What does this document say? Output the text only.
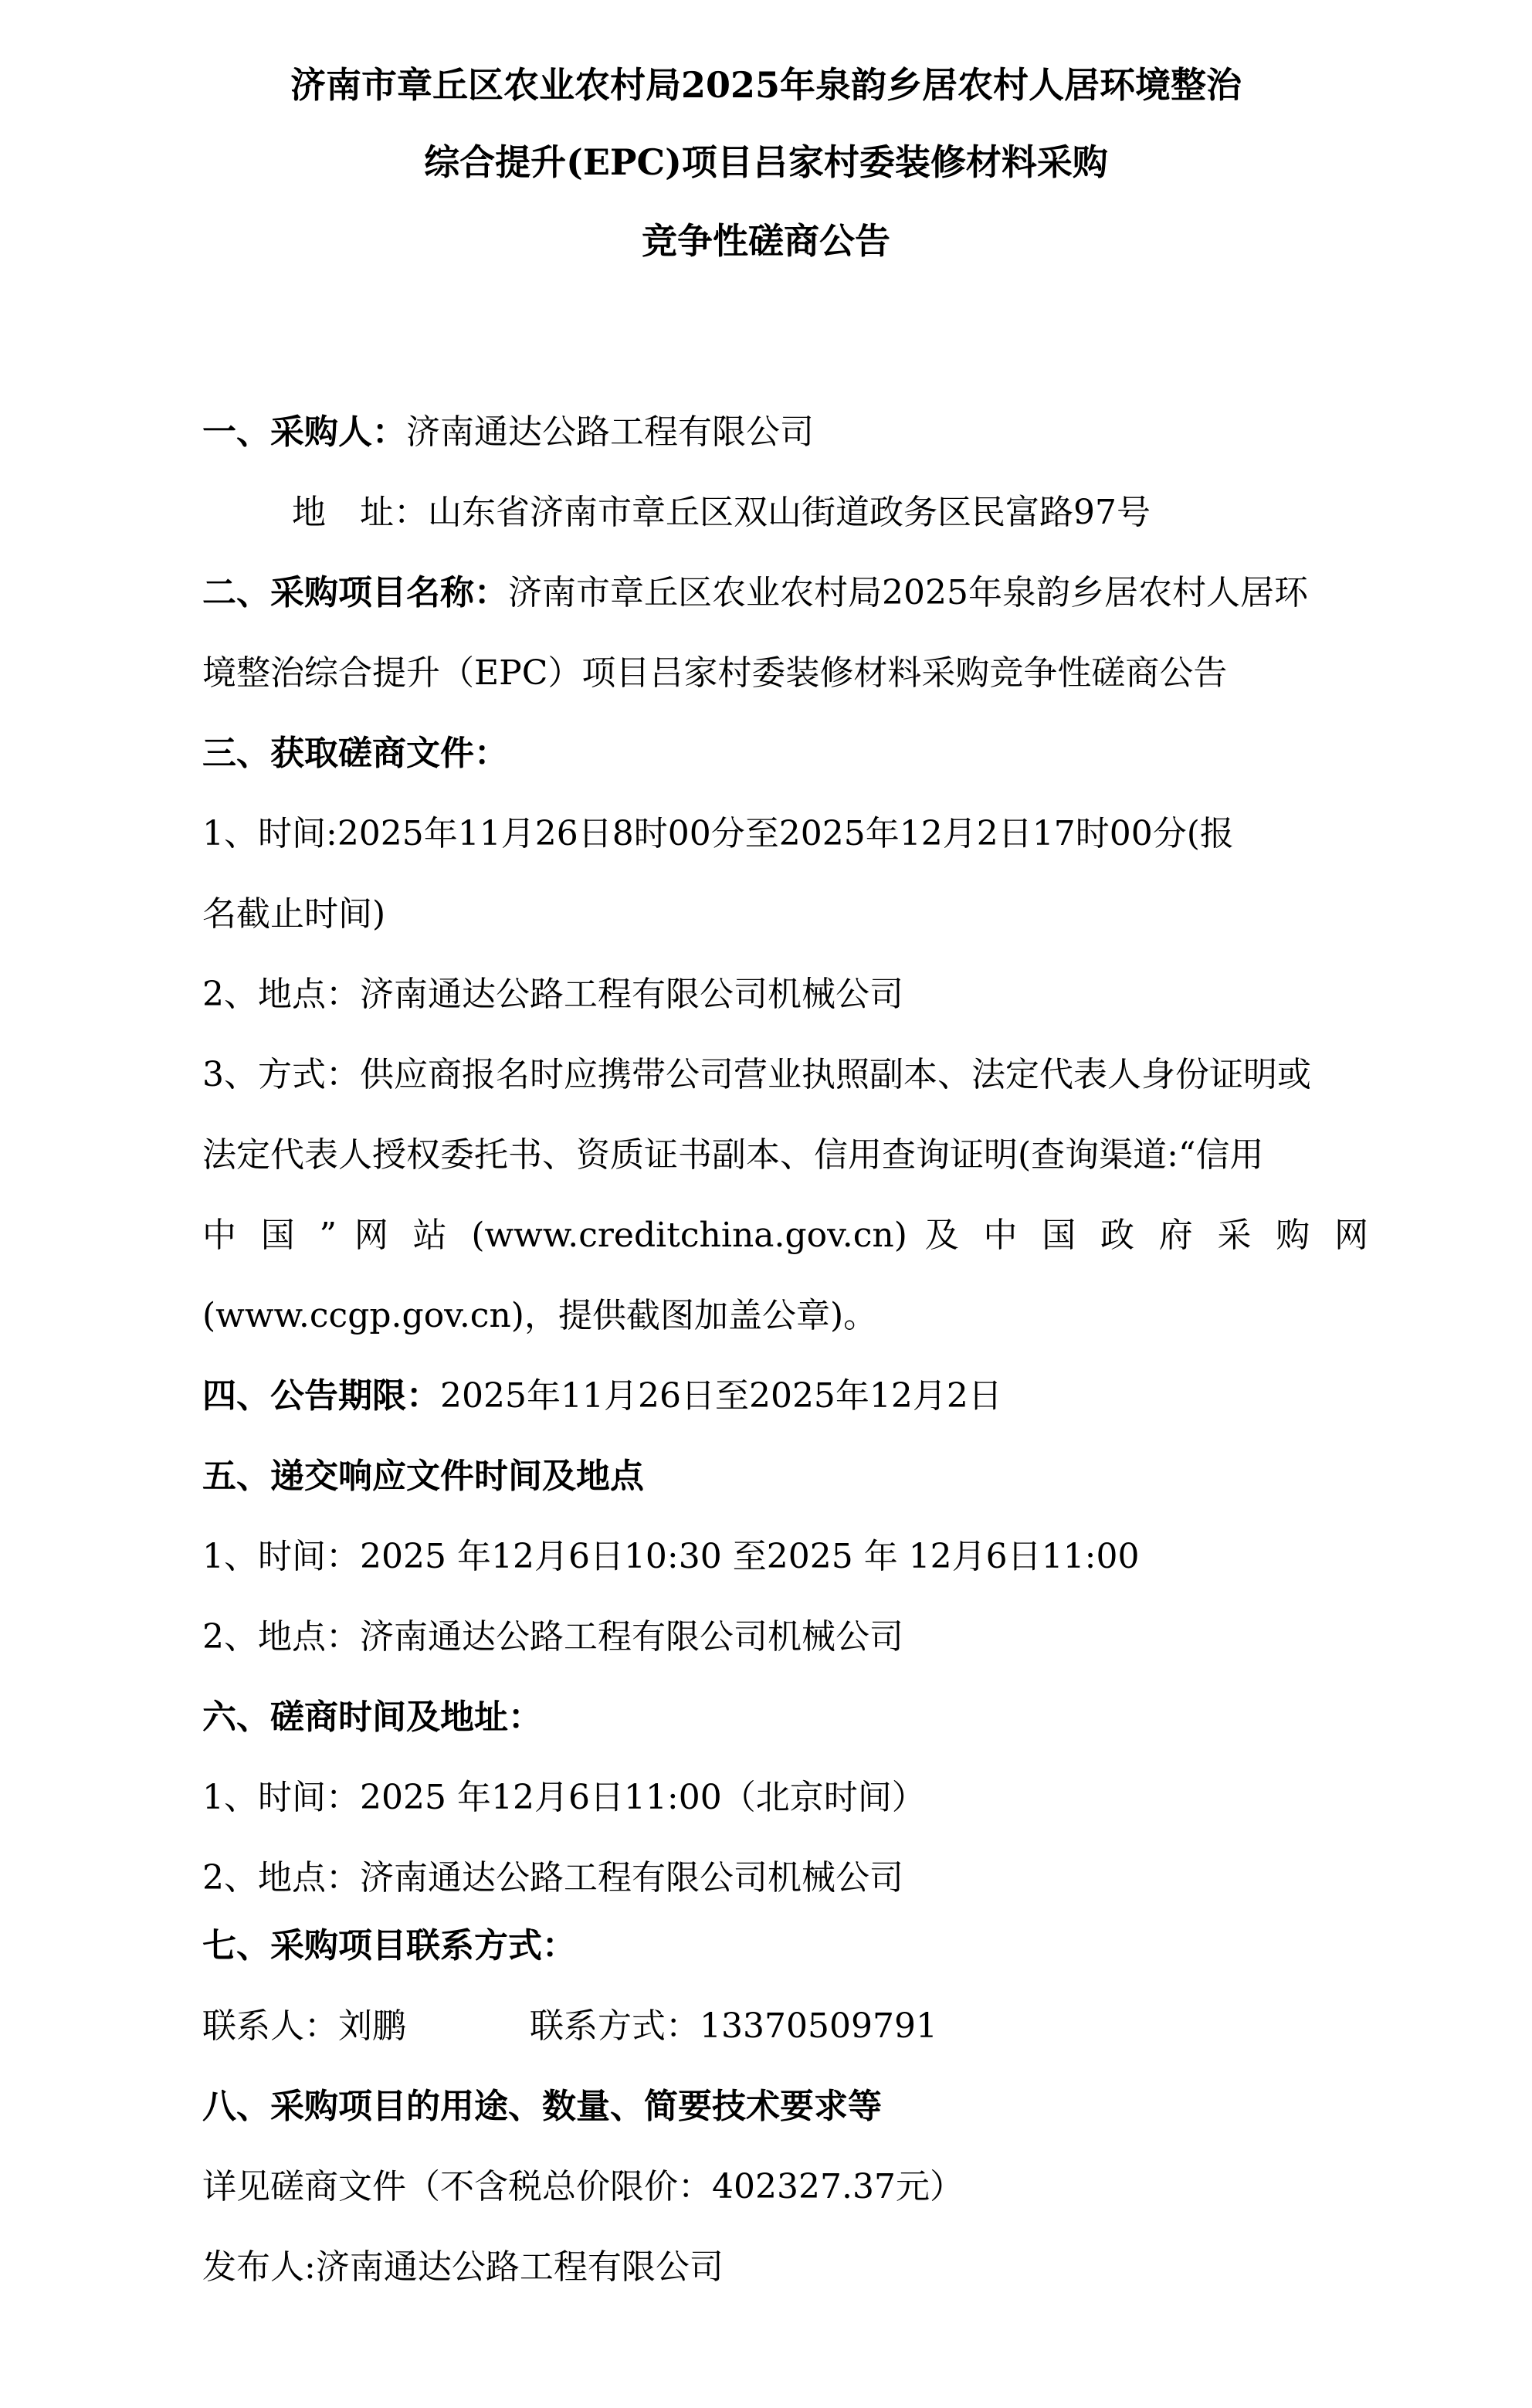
济南市章丘区农业农村局2025年泉韵乡居农村人居环境整治
综合提升(EPC)项目吕家村委装修材料采购
竞争性磋商公告
一、采购人：济南通达公路工程有限公司
地　址：山东省济南市章丘区双山街道政务区民富路97号
二、采购项目名称：济南市章丘区农业农村局2025年泉韵乡居农村人居环
境整治综合提升（EPC）项目吕家村委装修材料采购竞争性磋商公告
三、获取磋商文件：
1、时间:2025年11月26日8时00分至2025年12月2日17时00分(报
名截止时间)
2、地点：济南通达公路工程有限公司机械公司
3、方式：供应商报名时应携带公司营业执照副本、法定代表人身份证明或
法定代表人授权委托书、资质证书副本、信用查询证明(查询渠道:“信用
中 国 ” 网 站 (www.creditchina.gov.cn) 及 中 国 政 府 采 购 网
(www.ccgp.gov.cn)，提供截图加盖公章)。
四、公告期限：2025年11月26日至2025年12月2日
五、递交响应文件时间及地点
1、时间：2025 年12月6日10:30 至2025 年 12月6日11:00
2、地点：济南通达公路工程有限公司机械公司
六、磋商时间及地址：
1、时间：2025 年12月6日11:00（北京时间）
2、地点：济南通达公路工程有限公司机械公司
七、采购项目联系方式：
联系人：刘鹏	联系方式：13370509791
八、采购项目的用途、数量、简要技术要求等
详见磋商文件（不含税总价限价：402327.37元）
发布人:济南通达公路工程有限公司
